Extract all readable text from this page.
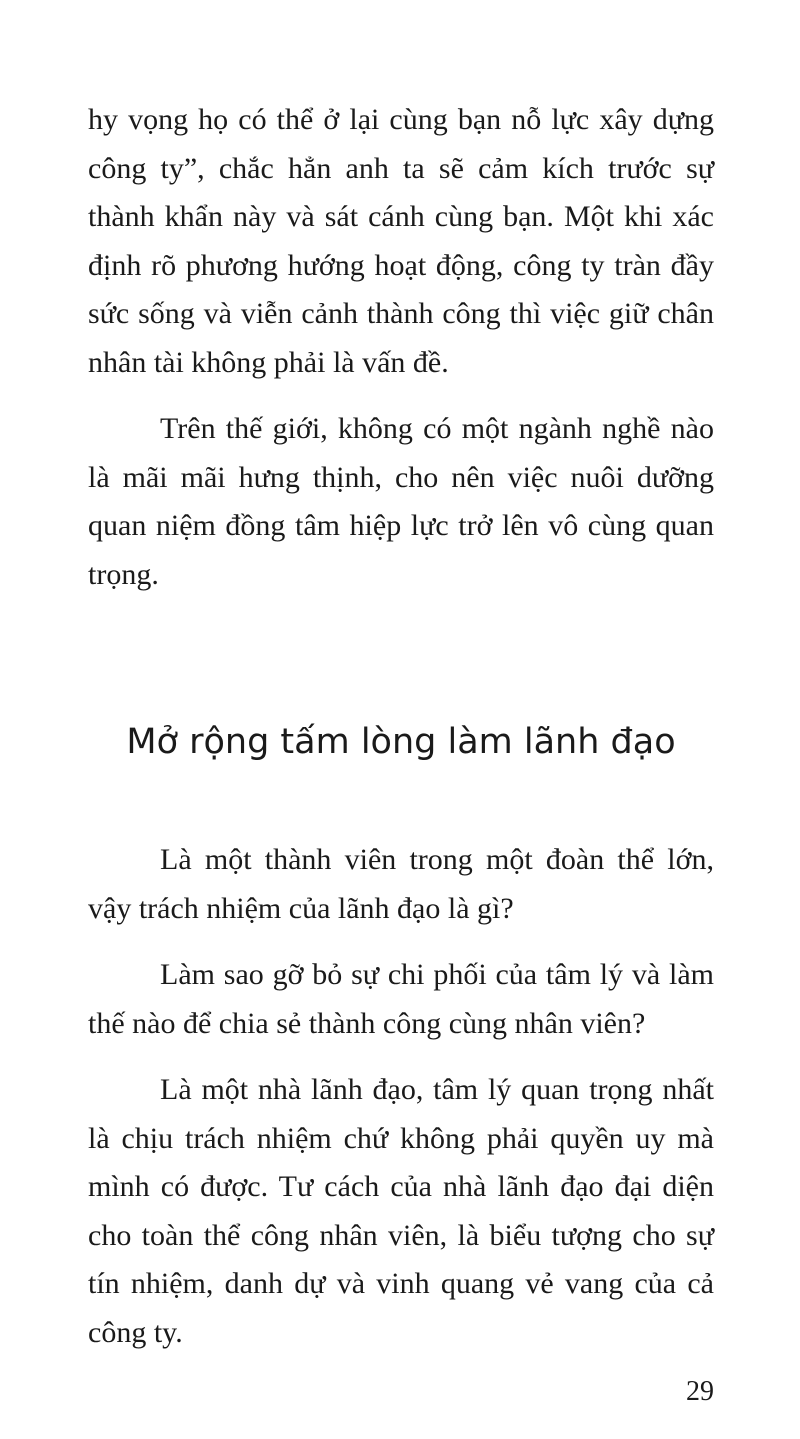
hy vọng họ có thể ở lại cùng bạn nỗ lực xây dựng công ty”, chắc hẳn anh ta sẽ cảm kích trước sự thành khẩn này và sát cánh cùng bạn. Một khi xác định rõ phương hướng hoạt động, công ty tràn đầy sức sống và viễn cảnh thành công thì việc giữ chân nhân tài không phải là vấn đề.

Trên thế giới, không có một ngành nghề nào là mãi mãi hưng thịnh, cho nên việc nuôi dưỡng quan niệm đồng tâm hiệp lực trở lên vô cùng quan trọng.

Mở rộng tấm lòng làm lãnh đạo

Là một thành viên trong một đoàn thể lớn, vậy trách nhiệm của lãnh đạo là gì?

Làm sao gỡ bỏ sự chi phối của tâm lý và làm thế nào để chia sẻ thành công cùng nhân viên?

Là một nhà lãnh đạo, tâm lý quan trọng nhất là chịu trách nhiệm chứ không phải quyền uy mà mình có được. Tư cách của nhà lãnh đạo đại diện cho toàn thể công nhân viên, là biểu tượng cho sự tín nhiệm, danh dự và vinh quang vẻ vang của cả công ty.

29
